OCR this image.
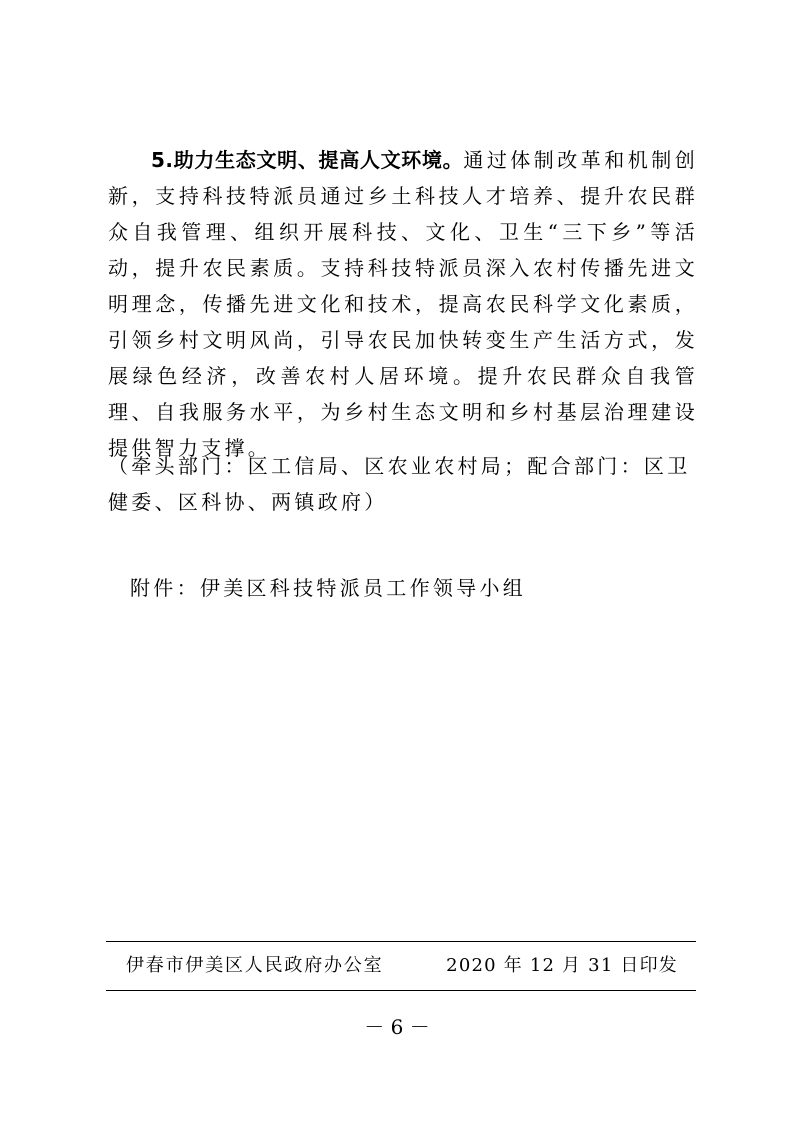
5.助力生态文明、提高人文环境。通过体制改革和机制创新，支持科技特派员通过乡土科技人才培养、提升农民群众自我管理、组织开展科技、文化、卫生“三下乡”等活动，提升农民素质。支持科技特派员深入农村传播先进文明理念，传播先进文化和技术，提高农民科学文化素质，引领乡村文明风尚，引导农民加快转变生产生活方式，发展绿色经济，改善农村人居环境。提升农民群众自我管理、自我服务水平，为乡村生态文明和乡村基层治理建设提供智力支撑。

（牵头部门：区工信局、区农业农村局；配合部门：区卫健委、区科协、两镇政府）

附件：伊美区科技特派员工作领导小组

伊春市伊美区人民政府办公室	2020 年 12 月 31 日印发
－ 6 －
